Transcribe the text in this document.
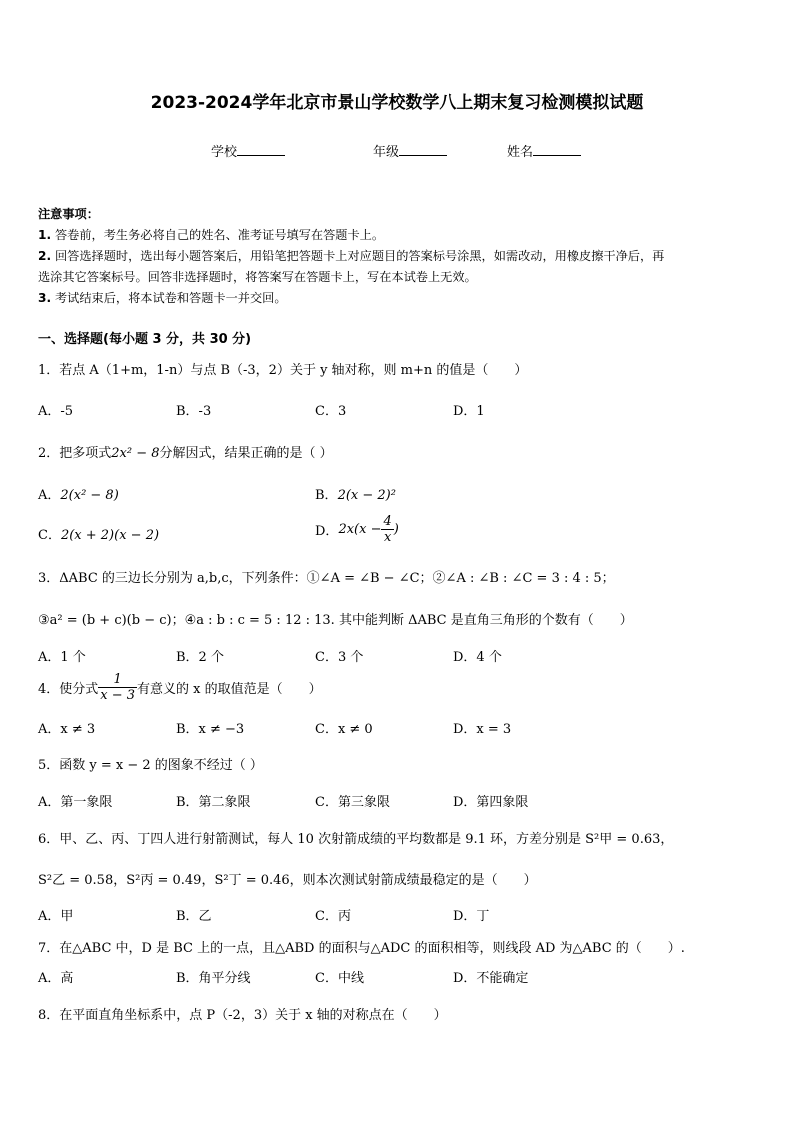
2023-2024学年北京市景山学校数学八上期末复习检测模拟试题
学校	年级	姓名

注意事项：

1. 答卷前，考生务必将自己的姓名、准考证号填写在答题卡上。

2. 回答选择题时，选出每小题答案后，用铅笔把答题卡上对应题目的答案标号涂黑，如需改动，用橡皮擦干净后，再

选涂其它答案标号。回答非选择题时，将答案写在答题卡上，写在本试卷上无效。

3. 考试结束后，将本试卷和答题卡一并交回。

一、选择题(每小题 3 分，共 30 分)
1．若点 A（1+m，1-n）与点 B（-3，2）关于 y 轴对称，则 m+n 的值是（　　）
A．-5	B．-3	C．3	D．1
2．把多项式2x² − 8分解因式，结果正确的是（ ）
A．2(x² − 8)	B．2(x − 2)²
C．2(x + 2)(x − 2)	D．$2x(x - \frac{4}{x}$ )
3．ΔABC 的三边长分别为 a,b,c，下列条件：①∠A = ∠B − ∠C；②∠A : ∠B : ∠C = 3 : 4 : 5；
③a² = (b + c)(b − c)；④a : b : c = 5 : 12 : 13. 其中能判断 ΔABC 是直角三角形的个数有（　　）
A．1 个	B．2 个	C．3 个	D．4 个
4．使分式 $\frac{1}{x - 3}$ 有意义的 x 的取值范是（　　）
A．x ≠ 3	B．x ≠ −3	C．x ≠ 0	D．x = 3
5．函数 y = x − 2 的图象不经过（ ）
A．第一象限	B．第二象限	C．第三象限	D．第四象限
6．甲、乙、丙、丁四人进行射箭测试，每人 10 次射箭成绩的平均数都是 9.1 环，方差分别是 S²甲 = 0.63，
S²乙 = 0.58，S²丙 = 0.49，S²丁 = 0.46，则本次测试射箭成绩最稳定的是（　　）
A．甲	B．乙	C．丙	D．丁
7．在△ABC 中，D 是 BC 上的一点，且△ABD 的面积与△ADC 的面积相等，则线段 AD 为△ABC 的（　　）.
A．高	B．角平分线	C．中线	D．不能确定
8．在平面直角坐标系中，点 P（-2，3）关于 x 轴的对称点在（　　）
